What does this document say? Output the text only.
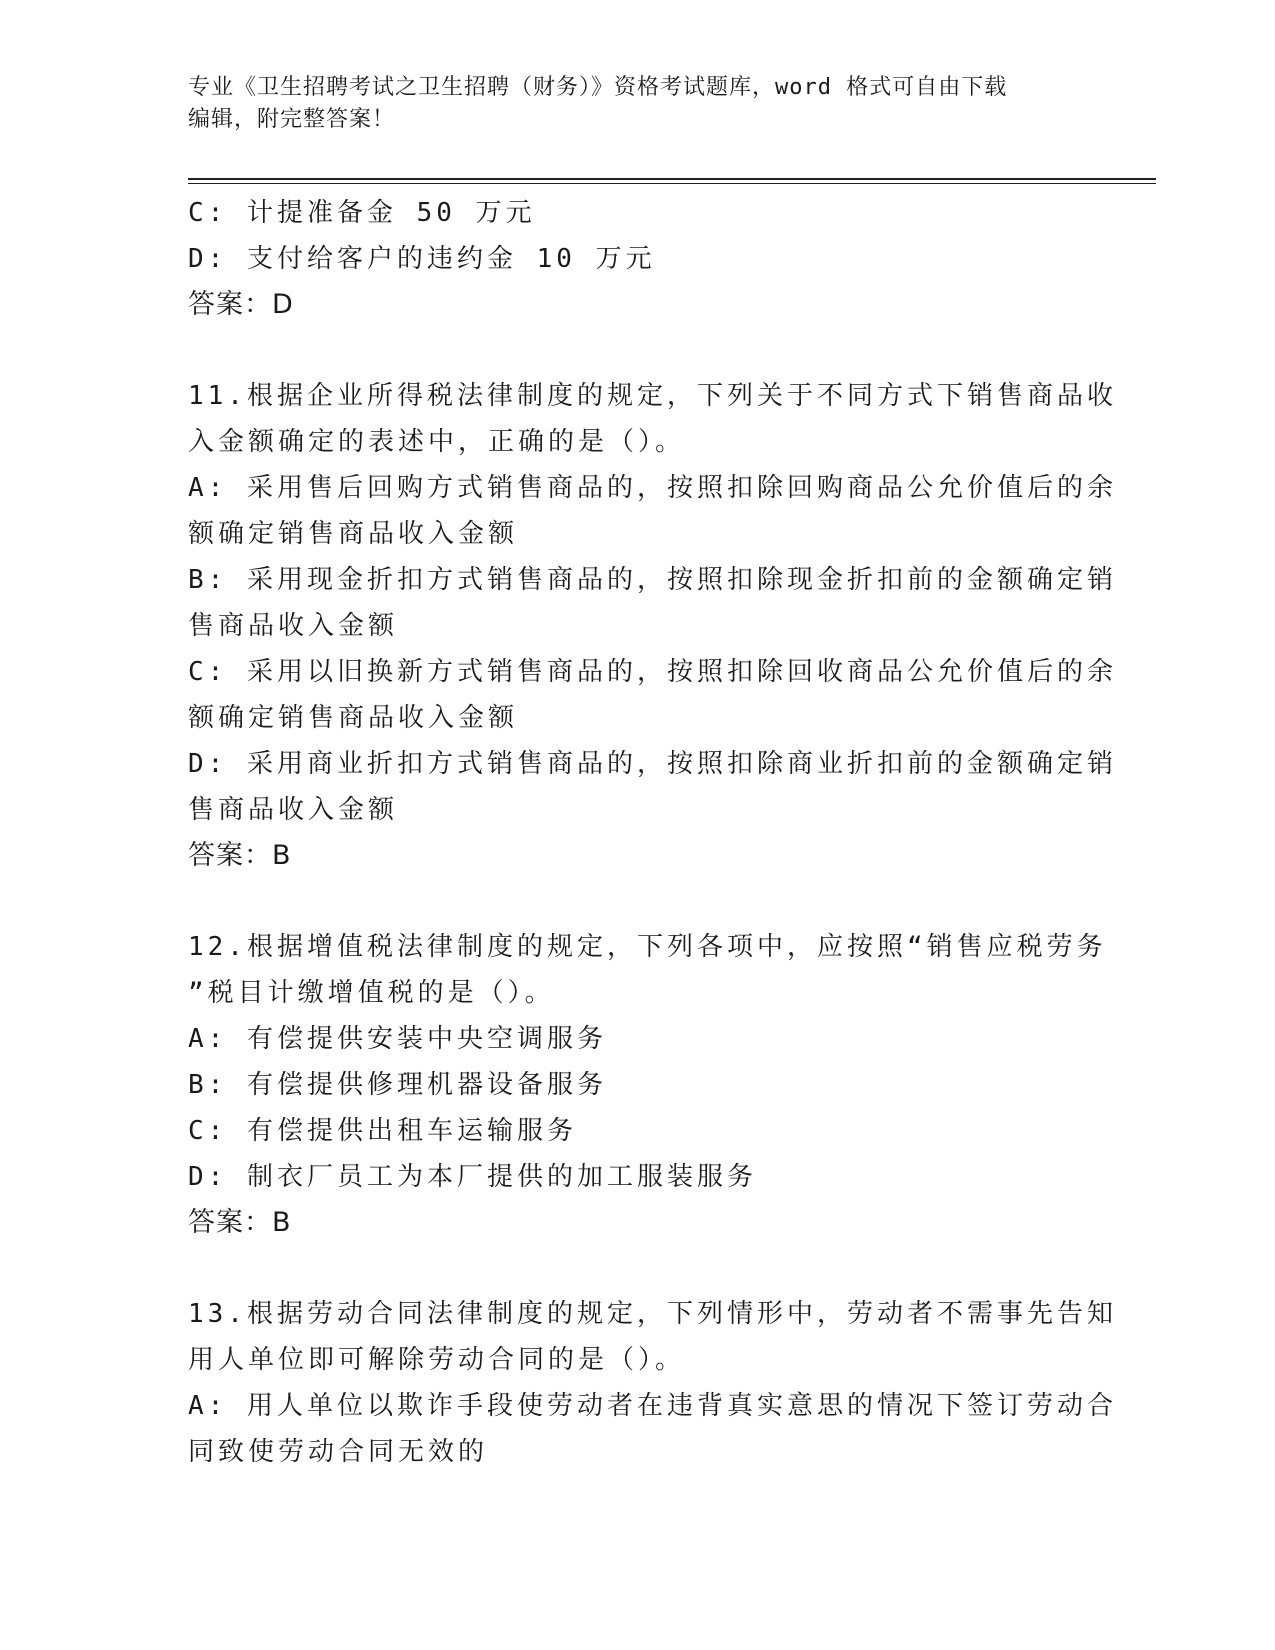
专业《卫生招聘考试之卫生招聘（财务）》资格考试题库，word 格式可自由下载
编辑，附完整答案！
C: 计提准备金 50 万元
D: 支付给客户的违约金 10 万元
答案：D
11.根据企业所得税法律制度的规定，下列关于不同方式下销售商品收
入金额确定的表述中，正确的是（）。
A: 采用售后回购方式销售商品的，按照扣除回购商品公允价值后的余
额确定销售商品收入金额
B: 采用现金折扣方式销售商品的，按照扣除现金折扣前的金额确定销
售商品收入金额
C: 采用以旧换新方式销售商品的，按照扣除回收商品公允价值后的余
额确定销售商品收入金额
D: 采用商业折扣方式销售商品的，按照扣除商业折扣前的金额确定销
售商品收入金额
答案：B
12.根据增值税法律制度的规定，下列各项中，应按照“销售应税劳务
”税目计缴增值税的是（）。
A: 有偿提供安装中央空调服务
B: 有偿提供修理机器设备服务
C: 有偿提供出租车运输服务
D: 制衣厂员工为本厂提供的加工服装服务
答案：B
13.根据劳动合同法律制度的规定，下列情形中，劳动者不需事先告知
用人单位即可解除劳动合同的是（）。
A: 用人单位以欺诈手段使劳动者在违背真实意思的情况下签订劳动合
同致使劳动合同无效的
